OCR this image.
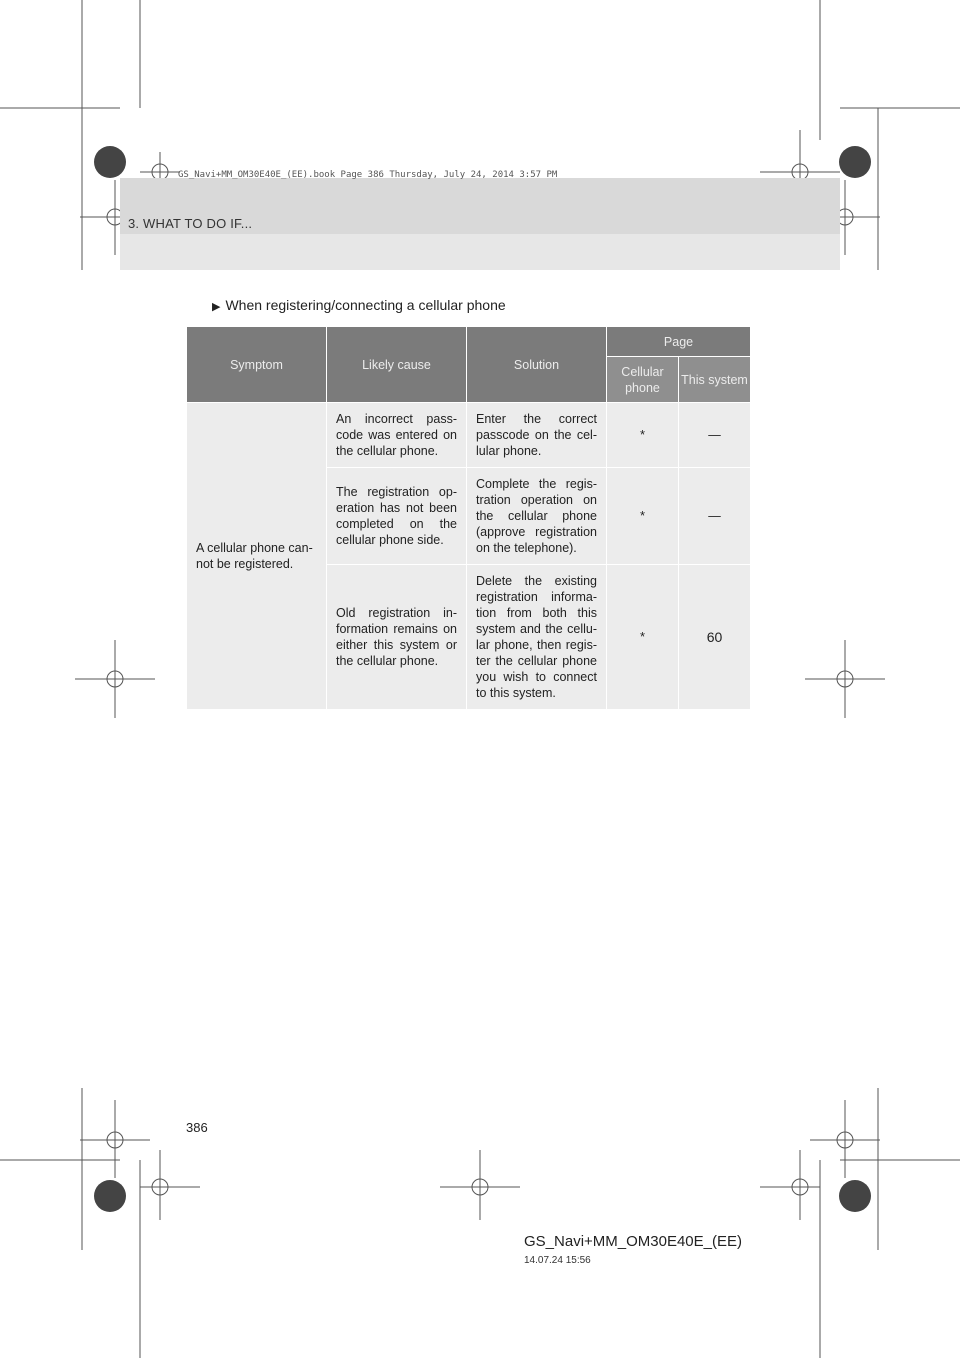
3. WHAT TO DO IF...
GS_Navi+MM_OM30E40E_(EE).book Page 386 Thursday, July 24, 2014 3:57 PM
▶ When registering/connecting a cellular phone
Symptom	Likely cause	Solution	Page	
			Cellular phone	This system
A cellular phone can-not be registered.	An incorrect pass-code was entered on the cellular phone.	Enter the correct passcode on the cel-lular phone.	*	—
	The registration op-eration has not been completed on the cellular phone side.	Complete the regis-tration operation on the cellular phone (approve registration on the telephone).	*	—
	Old registration in-formation remains on either this system or the cellular phone.	Delete the existing registration informa-tion from both this system and the cellu-lar phone, then regis-ter the cellular phone you wish to connect to this system.	*	60
386
GS_Navi+MM_OM30E40E_(EE)
14.07.24 15:56
